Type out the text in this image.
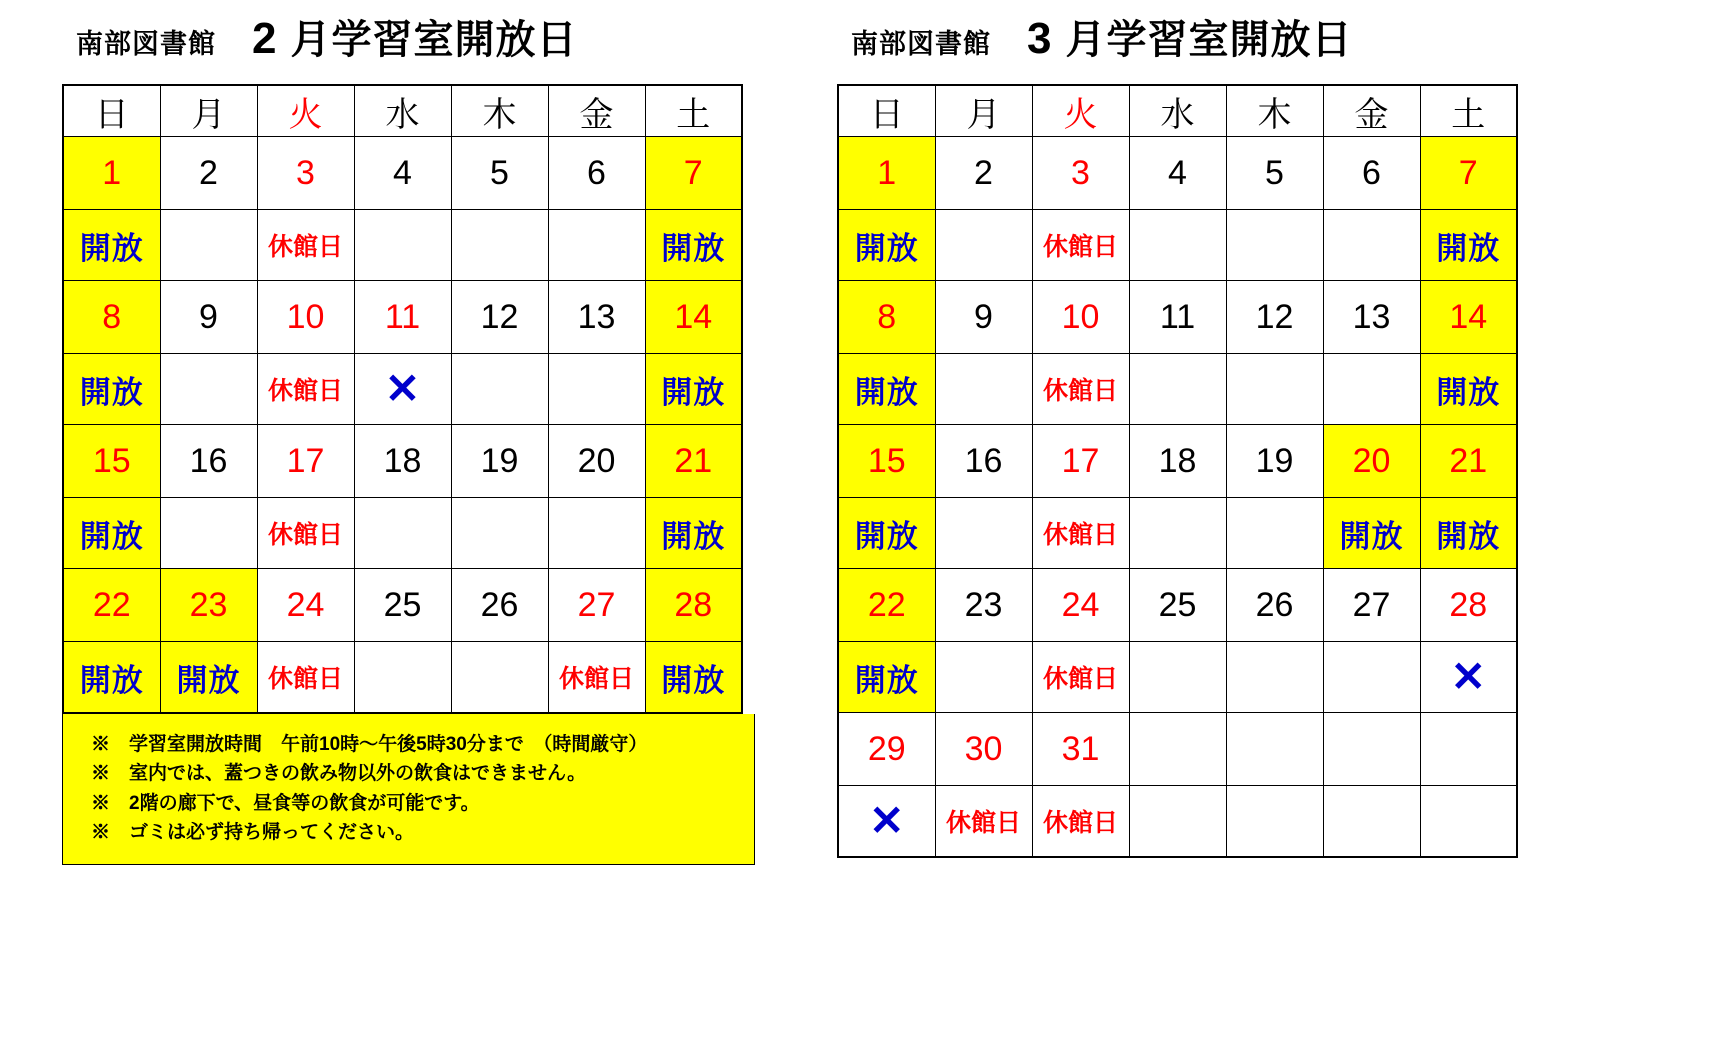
南部図書館 2 月学習室開放日
日	月	火	水	木	金	土
1	2	3	4	5	6	7
開放		休館日				開放
8	9	10	11	12	13	14
開放		休館日	✕			開放
15	16	17	18	19	20	21
開放		休館日				開放
22	23	24	25	26	27	28
開放	開放	休館日			休館日	開放
※　学習室開放時間　午前10時～午後5時30分まで　（時間厳守）
※　室内では、蓋つきの飲み物以外の飲食はできません。
※　2階の廊下で、昼食等の飲食が可能です。
※　ゴミは必ず持ち帰ってください。
南部図書館 3 月学習室開放日
日	月	火	水	木	金	土
1	2	3	4	5	6	7
開放		休館日				開放
8	9	10	11	12	13	14
開放		休館日				開放
15	16	17	18	19	20	21
開放		休館日			開放	開放
22	23	24	25	26	27	28
開放		休館日				✕
29	30	31				
✕	休館日	休館日				
